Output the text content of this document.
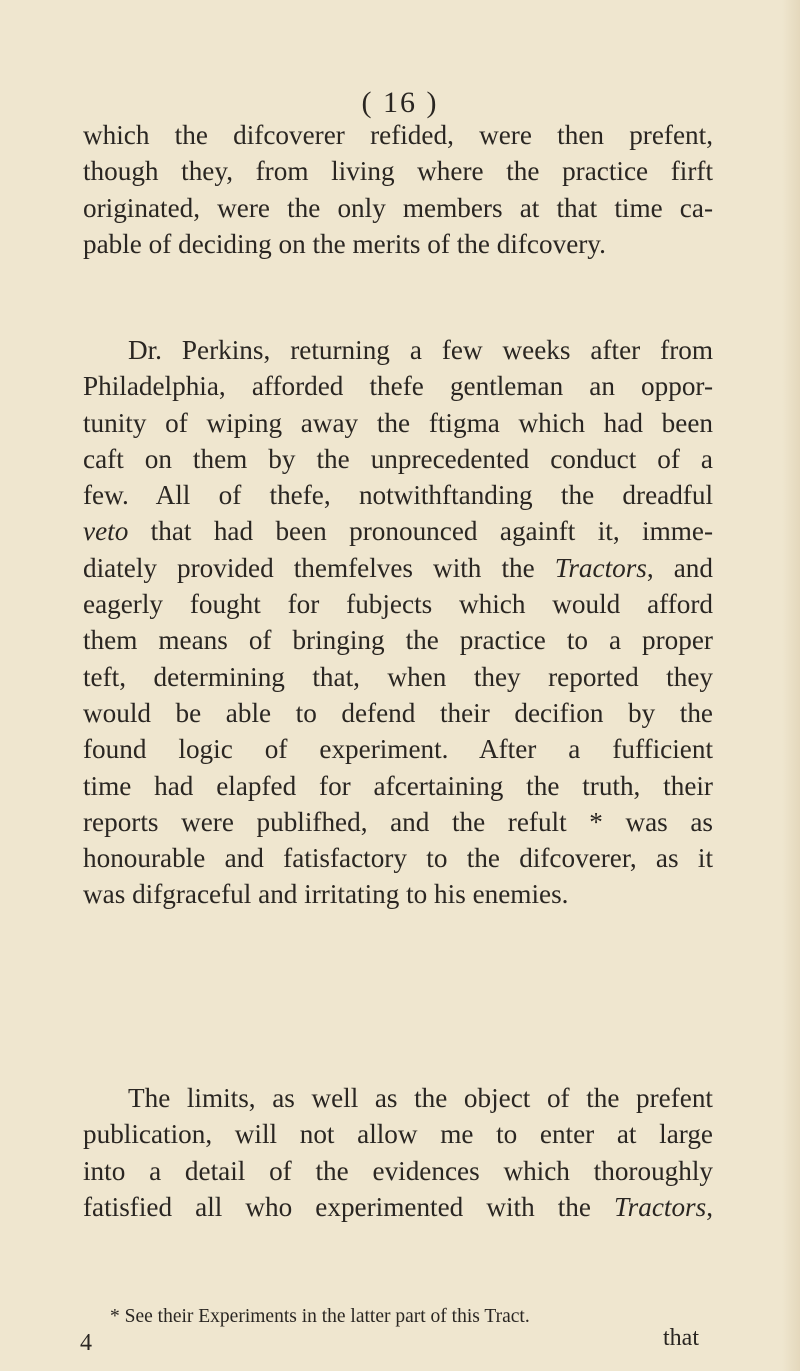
( 16 )
which the difcoverer refided, were then prefent,
though they, from living where the practice firft
originated, were the only members at that time ca-
pable of deciding on the merits of the difcovery.
Dr. Perkins, returning a few weeks after from
Philadelphia, afforded thefe gentleman an oppor-
tunity of wiping away the ftigma which had been
caft on them by the unprecedented conduct of a
few. All of thefe, notwithftanding the dreadful
veto that had been pronounced againft it, imme-
diately provided themfelves with the Tractors, and
eagerly fought for fubjects which would afford
them means of bringing the practice to a proper
teft, determining that, when they reported they
would be able to defend their decifion by the
found logic of experiment. After a fufficient
time had elapfed for afcertaining the truth, their
reports were publifhed, and the refult * was as
honourable and fatisfactory to the difcoverer, as it
was difgraceful and irritating to his enemies.
The limits, as well as the object of the prefent
publication, will not allow me to enter at large
into a detail of the evidences which thoroughly
fatisfied all who experimented with the Tractors,
* See their Experiments in the latter part of this Tract.
4	that
